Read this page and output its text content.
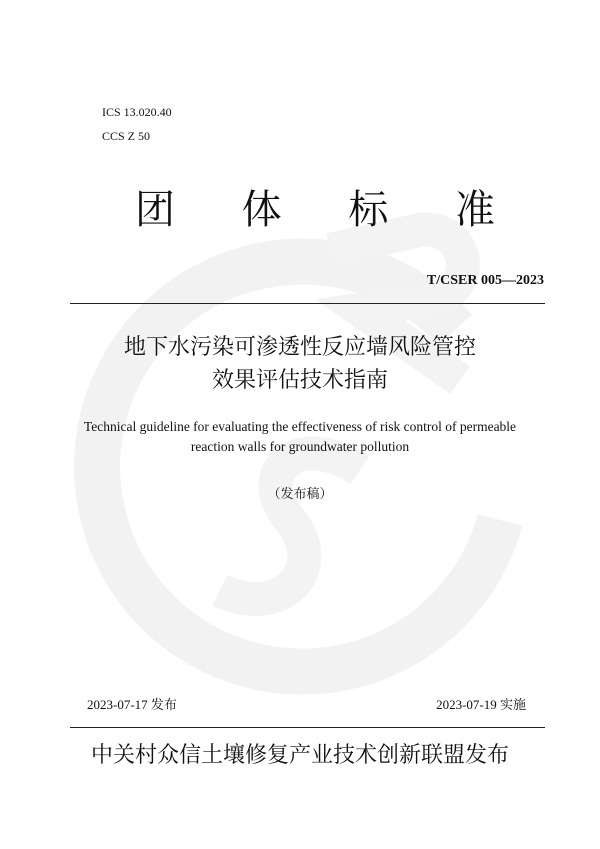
ICS 13.020.40
CCS Z 50
团 体 标 准
T/CSER 005—2023
地下水污染可渗透性反应墙风险管控
效果评估技术指南
Technical guideline for evaluating the effectiveness of risk control of permeable
reaction walls for groundwater pollution
（发布稿）
2023-07-17 发布	2023-07-19 实施
中关村众信土壤修复产业技术创新联盟发布
